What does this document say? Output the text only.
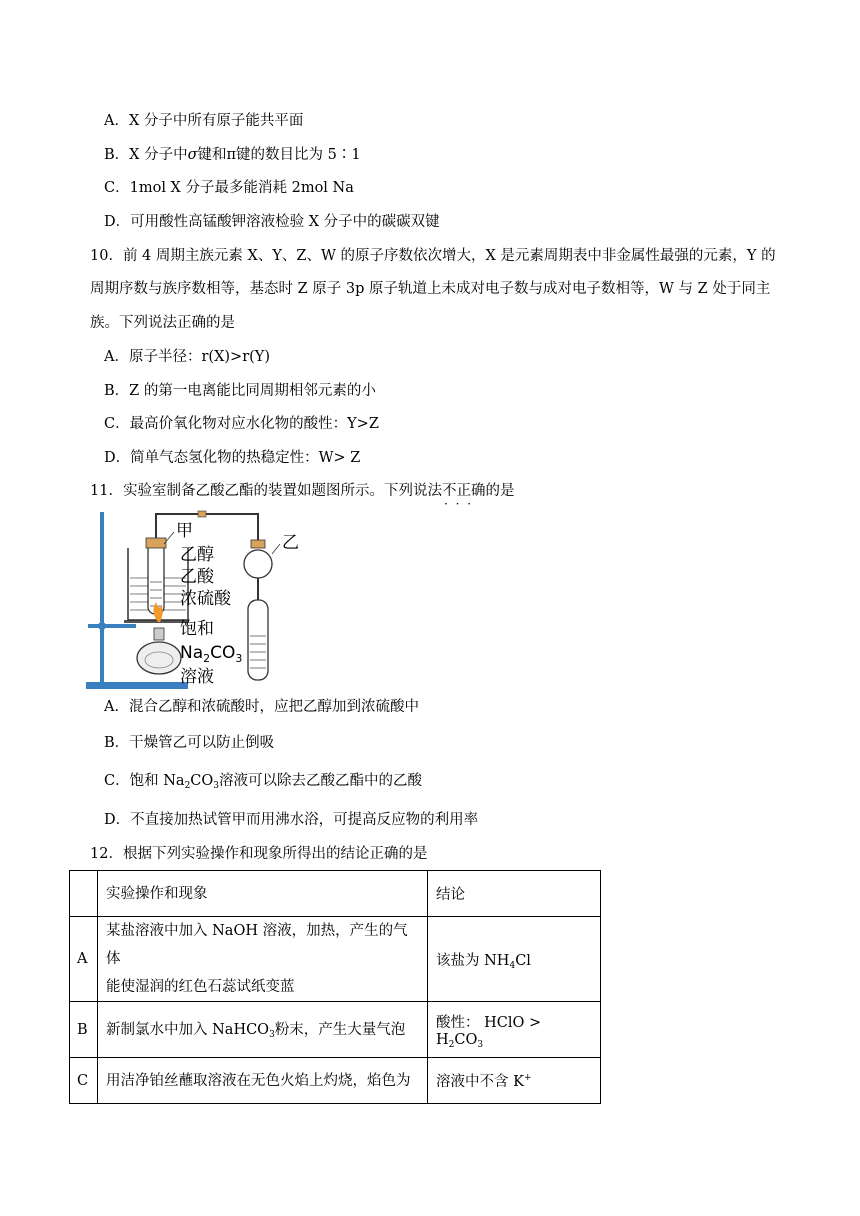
A．X 分子中所有原子能共平面
B．X 分子中σ键和π键的数目比为 5∶1
C．1mol X 分子最多能消耗 2mol Na
D．可用酸性高锰酸钾溶液检验 X 分子中的碳碳双键
10．前 4 周期主族元素 X、Y、Z、W 的原子序数依次增大，X 是元素周期表中非金属性最强的元素，Y 的
周期序数与族序数相等，基态时 Z 原子 3p 原子轨道上未成对电子数与成对电子数相等，W 与 Z 处于同主
族。下列说法正确的是
A．原子半径：r(X)>r(Y)
B．Z 的第一电离能比同周期相邻元素的小
C．最高价氧化物对应水化物的酸性：Y>Z
D．简单气态氢化物的热稳定性：W> Z
11．实验室制备乙酸乙酯的装置如题图所示。下列说法不正确 · · ·的是
甲
乙
乙醇
乙酸
浓硫酸
饱和
$Na_2CO_3$
溶液
A．混合乙醇和浓硫酸时，应把乙醇加到浓硫酸中
B．干燥管乙可以防止倒吸
C．饱和 $Na_2CO_3$溶液可以除去乙酸乙酯中的乙酸
D．不直接加热试管甲而用沸水浴，可提高反应物的利用率
12．根据下列实验操作和现象所得出的结论正确的是
	实验操作和现象	结论
A	某盐溶液中加入 NaOH 溶液，加热，产生的气体
能使湿润的红色石蕊试纸变蓝	该盐为 $NH_4Cl$
B	新制氯水中加入 NaHCO$_3$粉末，产生大量气泡	酸性： HClO > $H_2CO_3$
C	用洁净铂丝蘸取溶液在无色火焰上灼烧，焰色为	溶液中不含 K+
